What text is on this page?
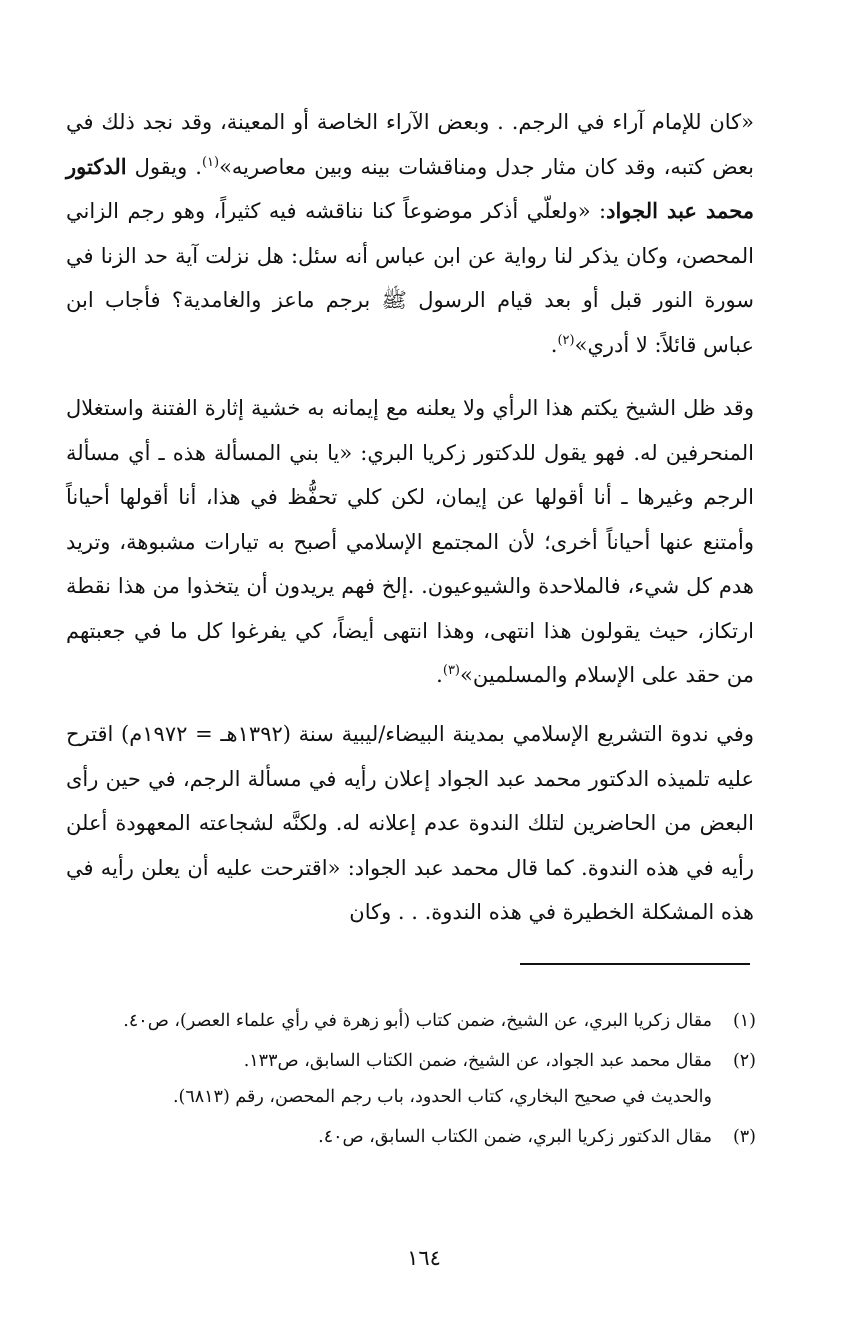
«كان للإمام آراء في الرجم. . وبعض الآراء الخاصة أو المعينة، وقد نجد ذلك في بعض كتبه، وقد كان مثار جدل ومناقشات بينه وبين معاصريه»$^{(١)}$. ويقول الدكتور محمد عبد الجواد: «ولعلّي أذكر موضوعاً كنا نناقشه فيه كثيراً، وهو رجم الزاني المحصن، وكان يذكر لنا رواية عن ابن عباس أنه سئل: هل نزلت آية حد الزنا في سورة النور قبل أو بعد قيام الرسول ﷺ برجم ماعز والغامدية؟ فأجاب ابن عباس قائلاً: لا أدري»$^{(٢)}$.

وقد ظل الشيخ يكتم هذا الرأي ولا يعلنه مع إيمانه به خشية إثارة الفتنة واستغلال المنحرفين له. فهو يقول للدكتور زكريا البري: «يا بني المسألة هذه ـ أي مسألة الرجم وغيرها ـ أنا أقولها عن إيمان، لكن كلي تحفُّظ في هذا، أنا أقولها أحياناً وأمتنع عنها أحياناً أخرى؛ لأن المجتمع الإسلامي أصبح به تيارات مشبوهة، وتريد هدم كل شيء، فالملاحدة والشيوعيون. .إلخ فهم يريدون أن يتخذوا من هذا نقطة ارتكاز، حيث يقولون هذا انتهى، وهذا انتهى أيضاً، كي يفرغوا كل ما في جعبتهم من حقد على الإسلام والمسلمين»$^{(٣)}$.

وفي ندوة التشريع الإسلامي بمدينة البيضاء/ليبية سنة (١٣٩٢هـ = ١٩٧٢م) اقترح عليه تلميذه الدكتور محمد عبد الجواد إعلان رأيه في مسألة الرجم، في حين رأى البعض من الحاضرين لتلك الندوة عدم إعلانه له. ولكنَّه لشجاعته المعهودة أعلن رأيه في هذه الندوة. كما قال محمد عبد الجواد: «اقترحت عليه أن يعلن رأيه في هذه المشكلة الخطيرة في هذه الندوة. . . وكان

(١)
مقال زكريا البري، عن الشيخ، ضمن كتاب (أبو زهرة في رأي علماء العصر)، ص٤٠.
(٢)
مقال محمد عبد الجواد، عن الشيخ، ضمن الكتاب السابق، ص١٣٣.
والحديث في صحيح البخاري، كتاب الحدود، باب رجم المحصن، رقم (٦٨١٣).
(٣)
مقال الدكتور زكريا البري، ضمن الكتاب السابق، ص٤٠.
١٦٤
